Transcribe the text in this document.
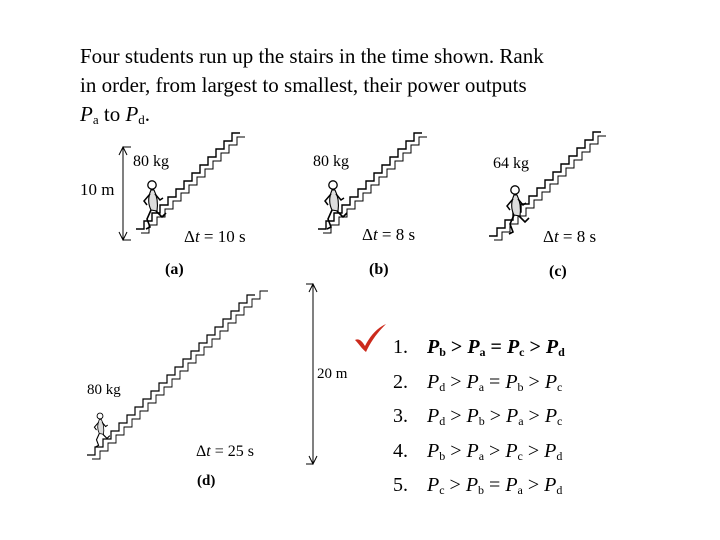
Four students run up the stairs in the time shown. Rank
in order, from largest to smallest, their power outputs
$P_a$ to $P_d$.
10 m
80 kg
Δt = 10 s
(a)
80 kg
Δt = 8 s
(b)
64 kg
Δt = 8 s
(c)
20 m
80 kg
Δt = 25 s
(d)
1. $P_b > P_a = P_c > P_d$
2. $P_d > P_a = P_b > P_c$
3. $P_d > P_b > P_a > P_c$
4. $P_b > P_a > P_c > P_d$
5. $P_c > P_b = P_a > P_d$
